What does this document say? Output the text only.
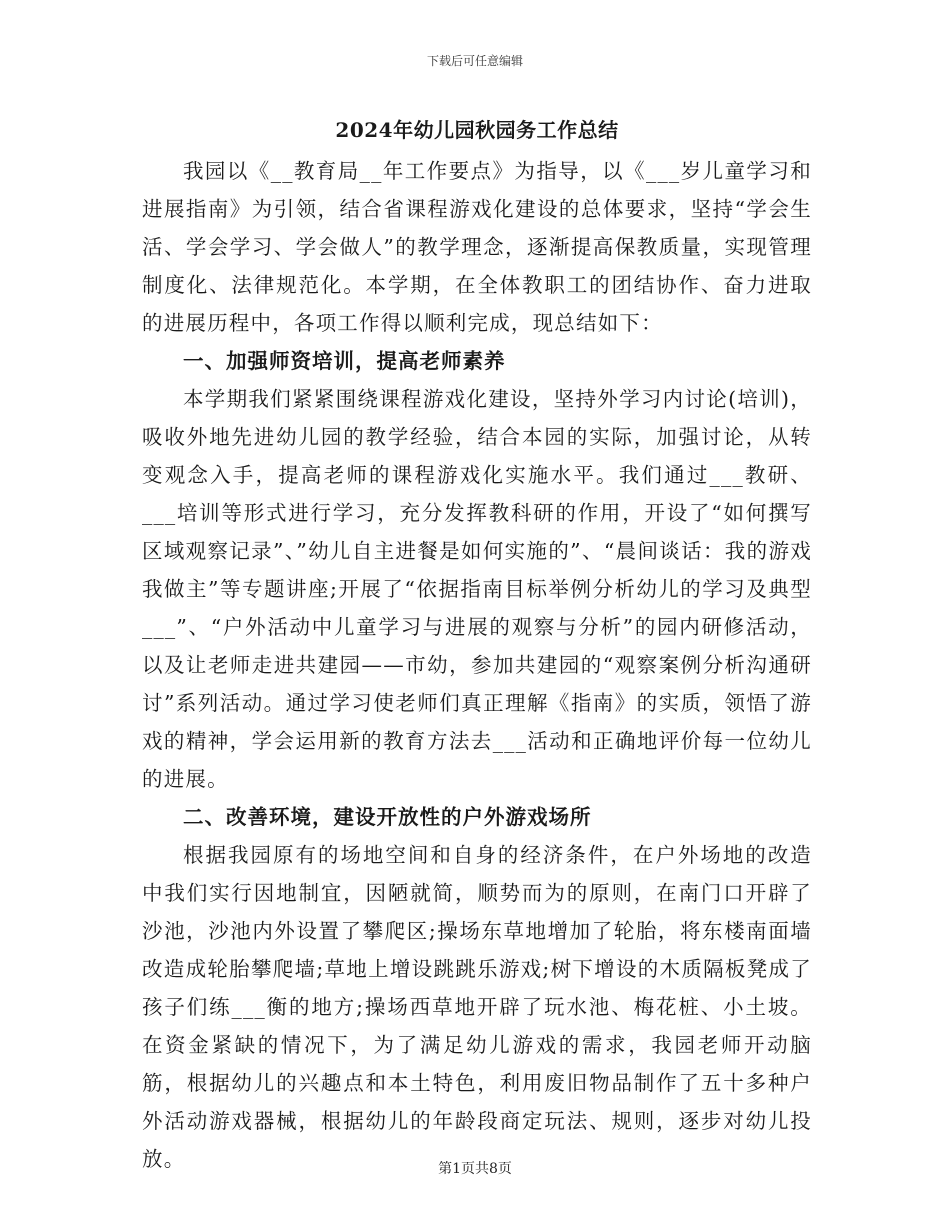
下载后可任意编辑
2024年幼儿园秋园务工作总结

我园以《__教育局__年工作要点》为指导，以《___岁儿童学习和进展指南》为引领，结合省课程游戏化建设的总体要求，坚持“学会生活、学会学习、学会做人”的教学理念，逐渐提高保教质量，实现管理制度化、法律规范化。本学期，在全体教职工的团结协作、奋力进取的进展历程中，各项工作得以顺利完成，现总结如下：

一、加强师资培训，提高老师素养

本学期我们紧紧围绕课程游戏化建设，坚持外学习内讨论(培训)，吸收外地先进幼儿园的教学经验，结合本园的实际，加强讨论，从转变观念入手，提高老师的课程游戏化实施水平。我们通过___教研、___培训等形式进行学习，充分发挥教科研的作用，开设了“如何撰写区域观察记录”、”幼儿自主进餐是如何实施的”、“晨间谈话：我的游戏我做主”等专题讲座;开展了“依据指南目标举例分析幼儿的学习及典型___”、“户外活动中儿童学习与进展的观察与分析”的园内研修活动，以及让老师走进共建园——市幼，参加共建园的“观察案例分析沟通研讨”系列活动。通过学习使老师们真正理解《指南》的实质，领悟了游戏的精神，学会运用新的教育方法去___活动和正确地评价每一位幼儿的进展。

二、改善环境，建设开放性的户外游戏场所

根据我园原有的场地空间和自身的经济条件，在户外场地的改造中我们实行因地制宜，因陋就简，顺势而为的原则，在南门口开辟了沙池，沙池内外设置了攀爬区;操场东草地增加了轮胎，将东楼南面墙改造成轮胎攀爬墙;草地上增设跳跳乐游戏;树下增设的木质隔板凳成了孩子们练___衡的地方;操场西草地开辟了玩水池、梅花桩、小土坡。在资金紧缺的情况下，为了满足幼儿游戏的需求，我园老师开动脑筋，根据幼儿的兴趣点和本土特色，利用废旧物品制作了五十多种户外活动游戏器械，根据幼儿的年龄段商定玩法、规则，逐步对幼儿投放。	第1页共8页
